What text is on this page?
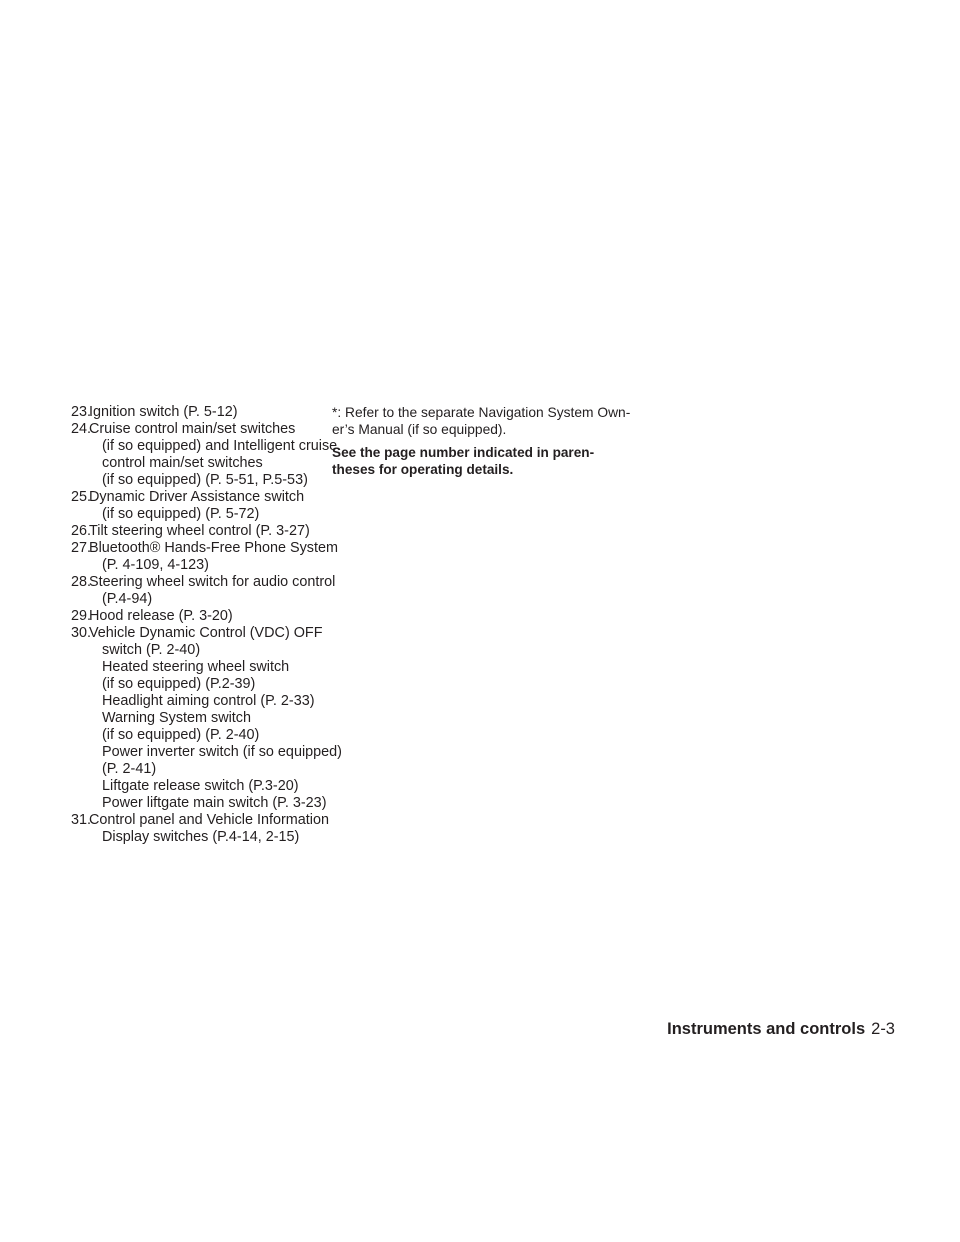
23.
Ignition switch (P. 5-12)
24.
Cruise control main/set switches
(if so equipped) and Intelligent cruise
control main/set switches
(if so equipped) (P. 5-51, P.5-53)
25.
Dynamic Driver Assistance switch
(if so equipped) (P. 5-72)
26.
Tilt steering wheel control (P. 3-27)
27.
Bluetooth® Hands-Free Phone System
(P. 4-109, 4-123)
28.
Steering wheel switch for audio control
(P.4-94)
29.
Hood release (P. 3-20)
30.
Vehicle Dynamic Control (VDC) OFF
switch (P. 2-40)
Heated steering wheel switch
(if so equipped) (P.2-39)
Headlight aiming control (P. 2-33)
Warning System switch
(if so equipped) (P. 2-40)
Power inverter switch (if so equipped)
(P. 2-41)
Liftgate release switch (P.3-20)
Power liftgate main switch (P. 3-23)
31.
Control panel and Vehicle Information
Display switches (P.4-14, 2-15)

*: Refer to the separate Navigation System Own-
er’s Manual (if so equipped).

See the page number indicated in paren-
theses for operating details.

Instruments and controls 2-3
